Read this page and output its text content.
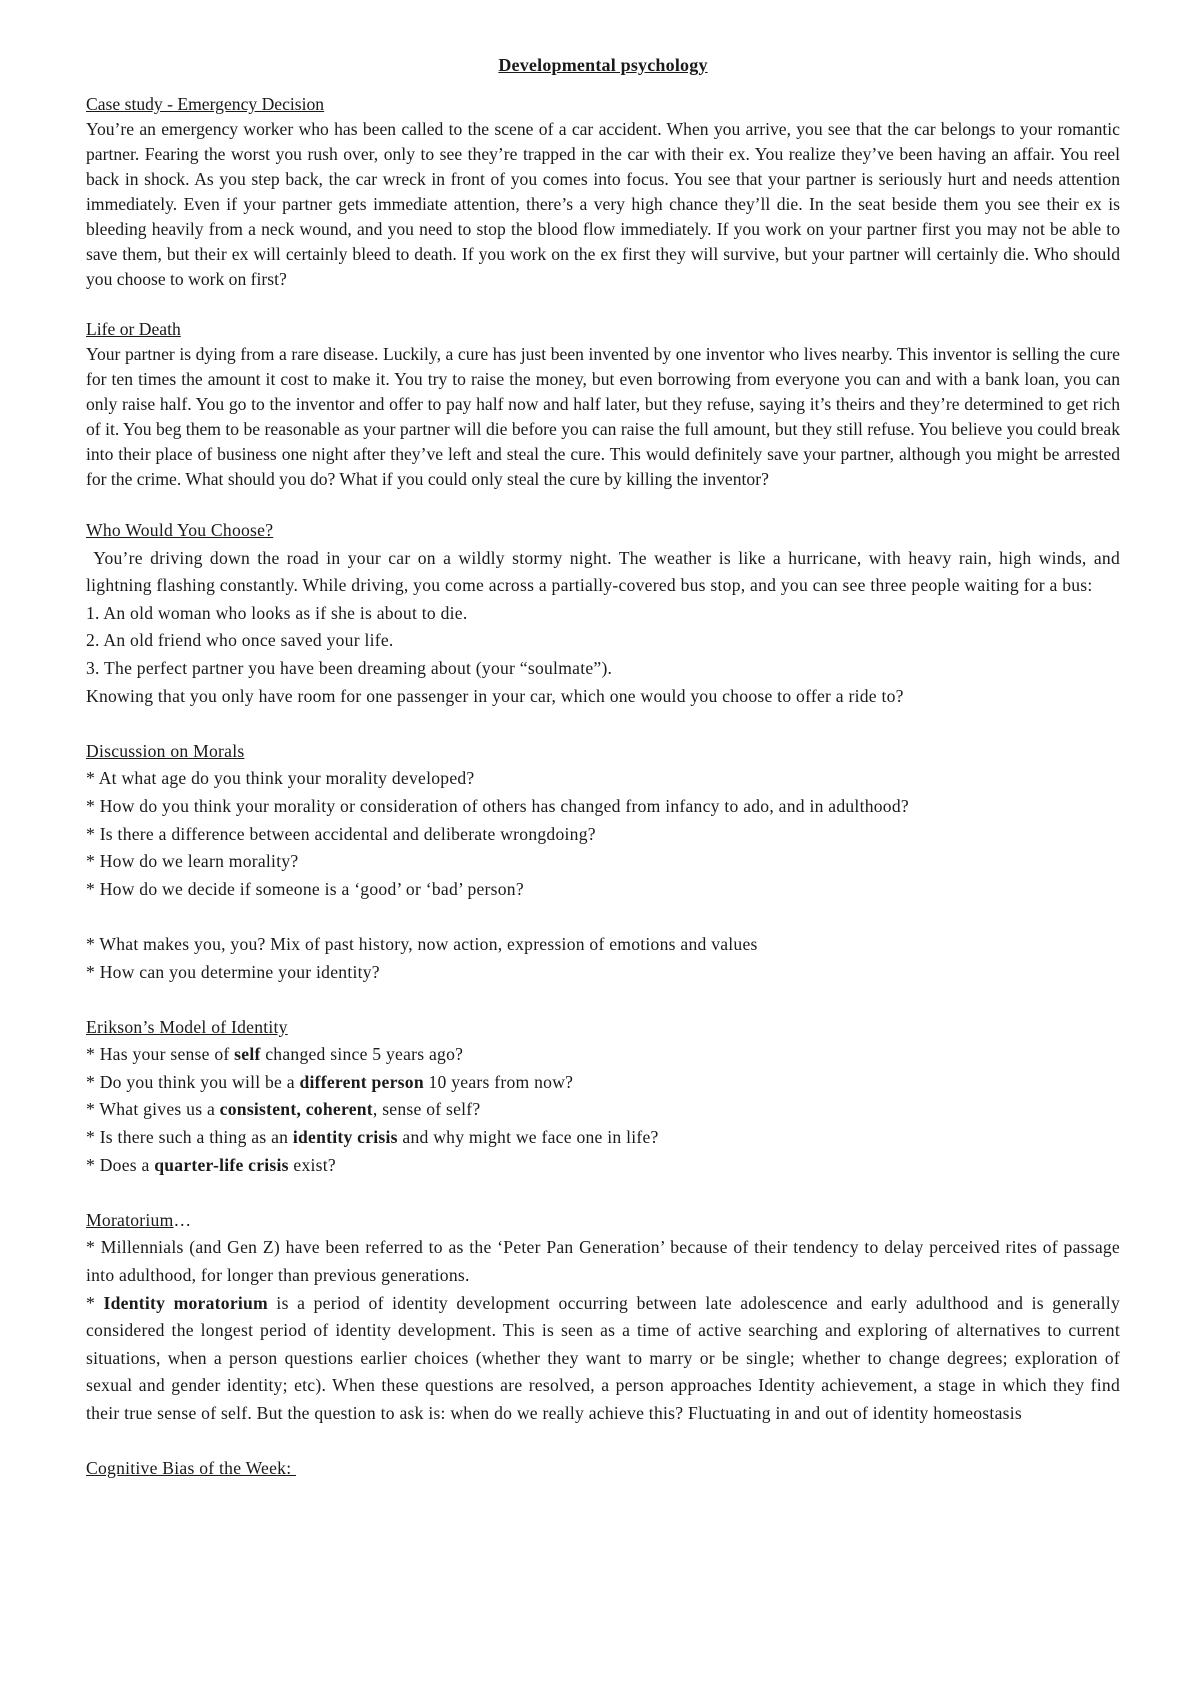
Developmental psychology

Case study - Emergency Decision

You’re an emergency worker who has been called to the scene of a car accident. When you arrive, you see that the car belongs to your romantic partner. Fearing the worst you rush over, only to see they’re trapped in the car with their ex. You realize they’ve been having an affair. You reel back in shock. As you step back, the car wreck in front of you comes into focus. You see that your partner is seriously hurt and needs attention immediately. Even if your partner gets immediate attention, there’s a very high chance they’ll die. In the seat beside them you see their ex is bleeding heavily from a neck wound, and you need to stop the blood flow immediately. If you work on your partner first you may not be able to save them, but their ex will certainly bleed to death. If you work on the ex first they will survive, but your partner will certainly die. Who should you choose to work on first?

Life or Death

Your partner is dying from a rare disease. Luckily, a cure has just been invented by one inventor who lives nearby. This inventor is selling the cure for ten times the amount it cost to make it. You try to raise the money, but even borrowing from everyone you can and with a bank loan, you can only raise half. You go to the inventor and offer to pay half now and half later, but they refuse, saying it’s theirs and they’re determined to get rich of it. You beg them to be reasonable as your partner will die before you can raise the full amount, but they still refuse. You believe you could break into their place of business one night after they’ve left and steal the cure. This would definitely save your partner, although you might be arrested for the crime. What should you do? What if you could only steal the cure by killing the inventor?

Who Would You Choose?

You’re driving down the road in your car on a wildly stormy night. The weather is like a hurricane, with heavy rain, high winds, and lightning flashing constantly. While driving, you come across a partially-covered bus stop, and you can see three people waiting for a bus:

1. An old woman who looks as if she is about to die.

2. An old friend who once saved your life.

3. The perfect partner you have been dreaming about (your “soulmate”).

Knowing that you only have room for one passenger in your car, which one would you choose to offer a ride to?

Discussion on Morals

* At what age do you think your morality developed?

* How do you think your morality or consideration of others has changed from infancy to ado, and in adulthood?

* Is there a difference between accidental and deliberate wrongdoing?

* How do we learn morality?

* How do we decide if someone is a ‘good’ or ‘bad’ person?

* What makes you, you? Mix of past history, now action, expression of emotions and values

* How can you determine your identity?

Erikson’s Model of Identity

* Has your sense of self changed since 5 years ago?

* Do you think you will be a different person 10 years from now?

* What gives us a consistent, coherent, sense of self?

* Is there such a thing as an identity crisis and why might we face one in life?

* Does a quarter-life crisis exist?

Moratorium…

* Millennials (and Gen Z) have been referred to as the ‘Peter Pan Generation’ because of their tendency to delay perceived rites of passage into adulthood, for longer than previous generations.

* Identity moratorium is a period of identity development occurring between late adolescence and early adulthood and is generally considered the longest period of identity development. This is seen as a time of active searching and exploring of alternatives to current situations, when a person questions earlier choices (whether they want to marry or be single; whether to change degrees; exploration of sexual and gender identity; etc). When these questions are resolved, a person approaches Identity achievement, a stage in which they find their true sense of self. But the question to ask is: when do we really achieve this? Fluctuating in and out of identity homeostasis

Cognitive Bias of the Week:
